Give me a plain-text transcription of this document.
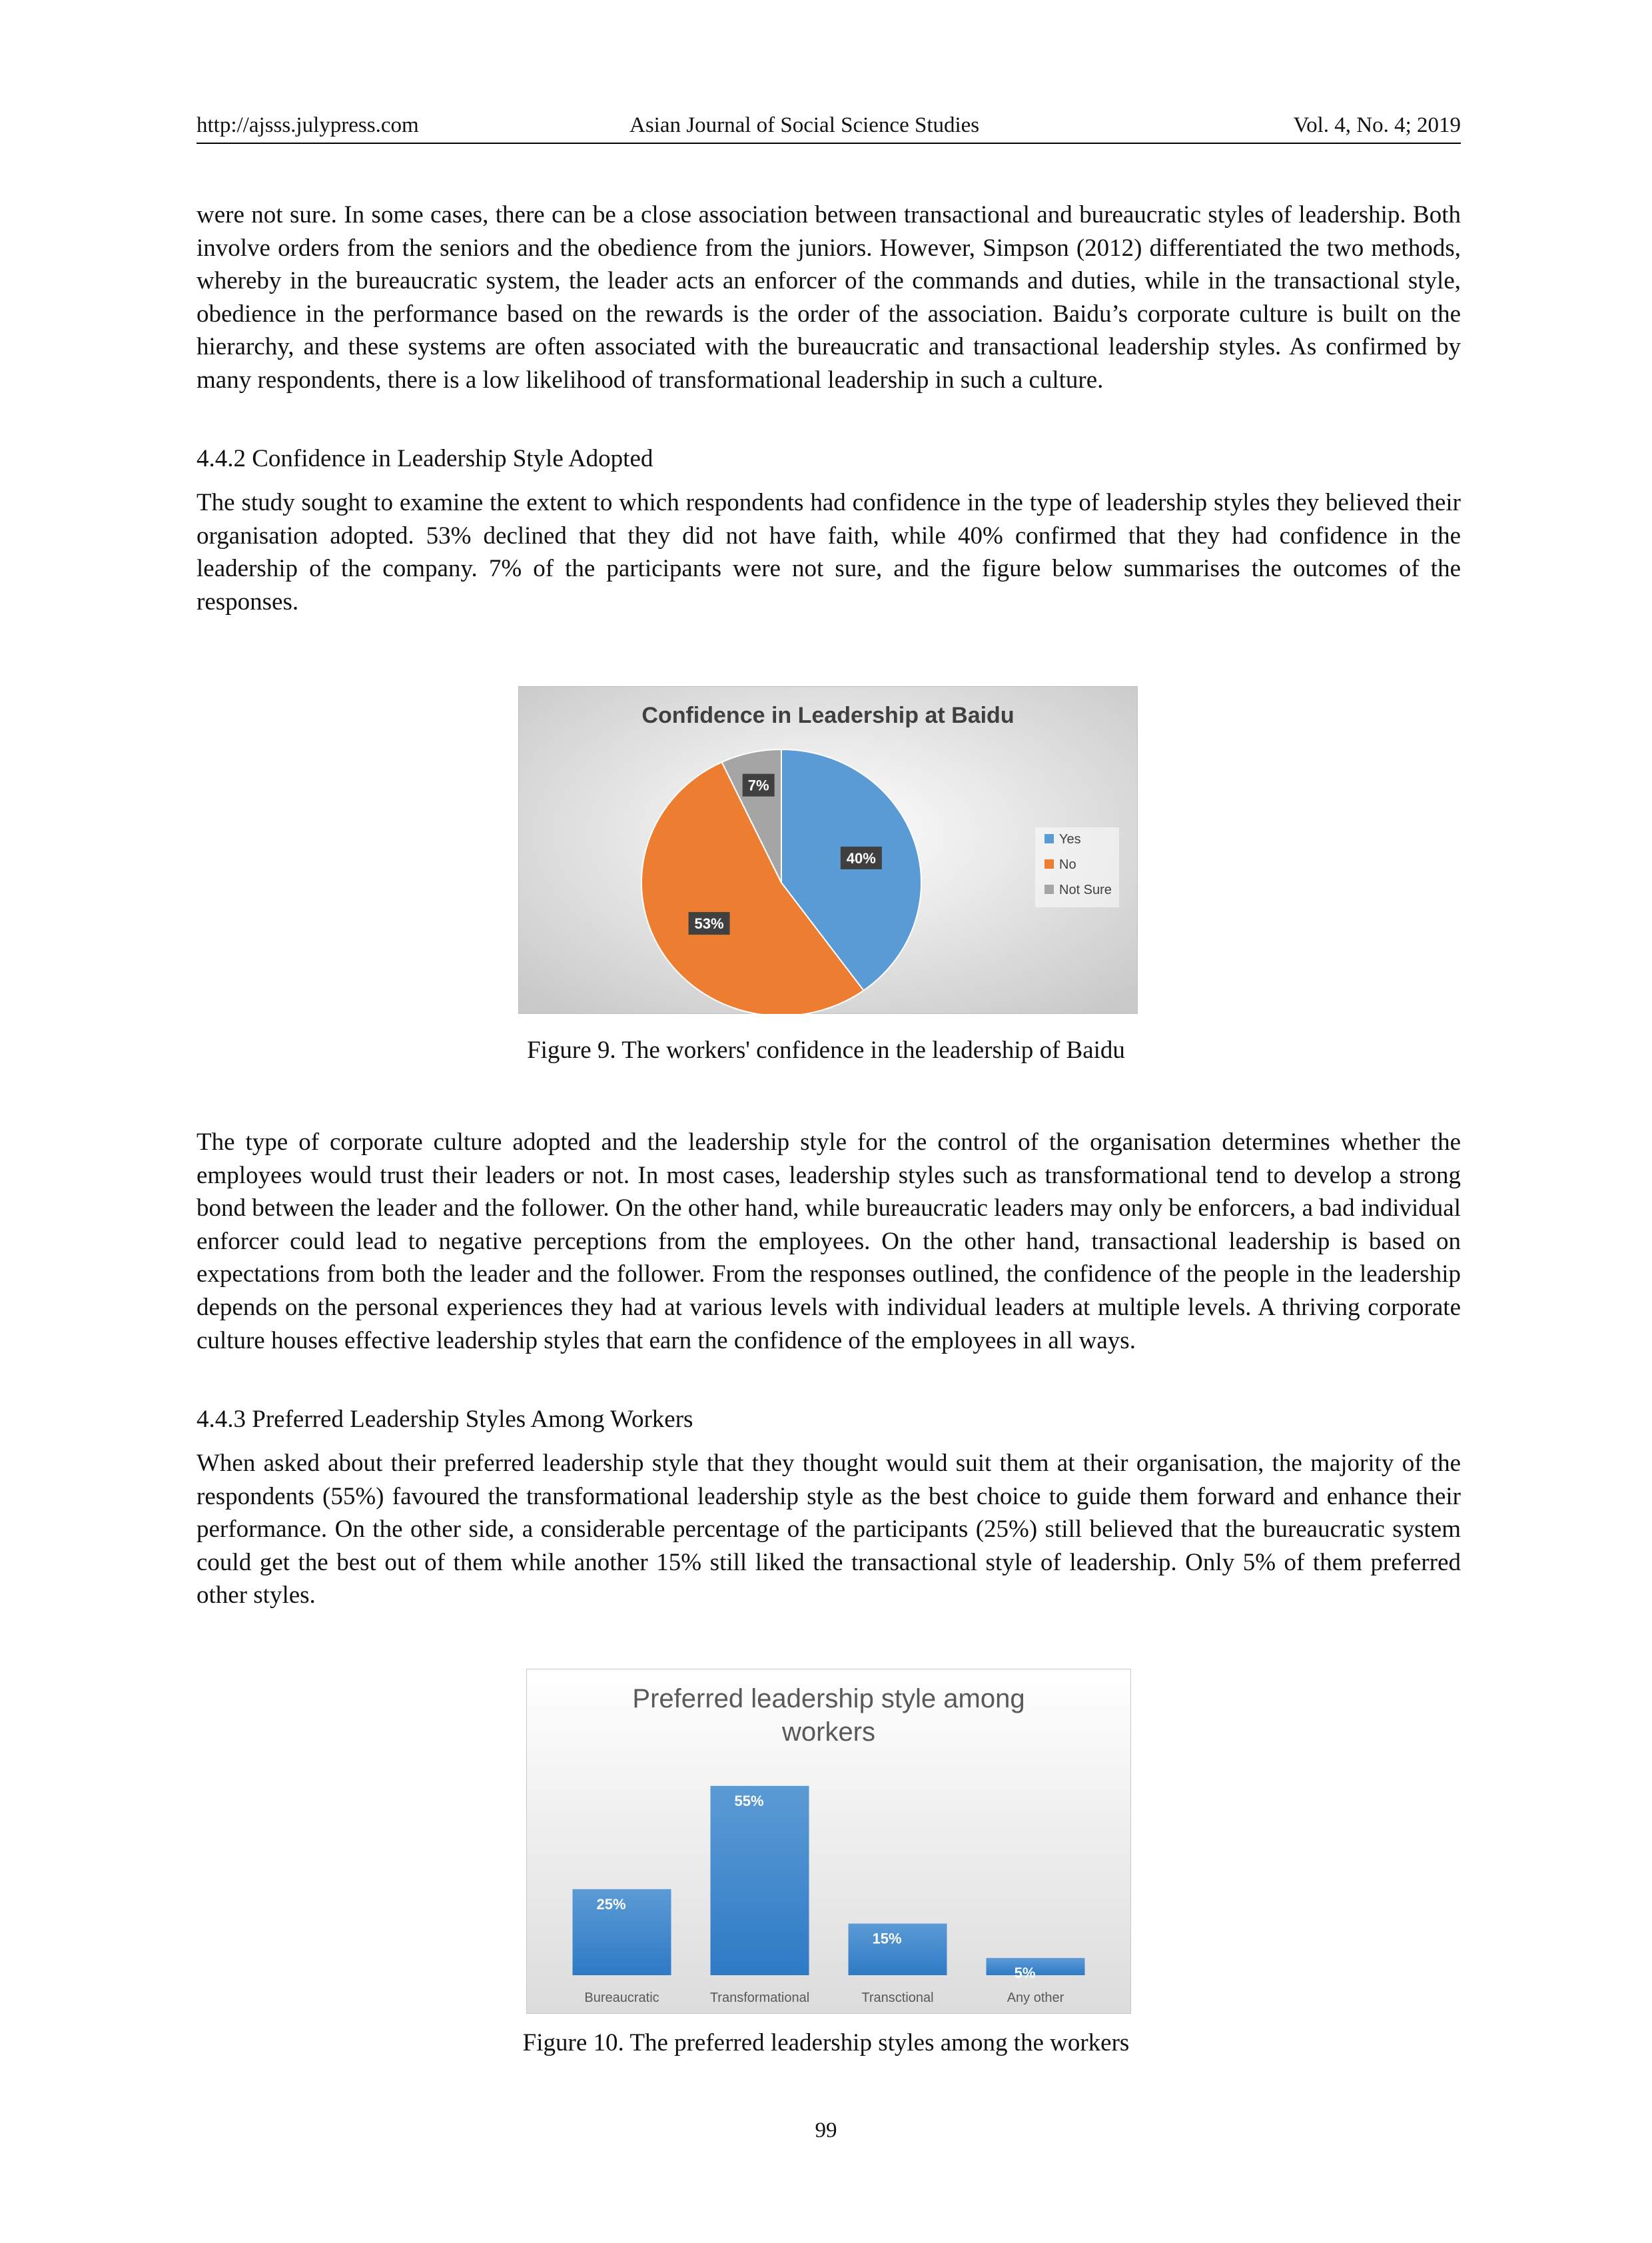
http://ajsss.julypress.com	Asian Journal of Social Science Studies	Vol. 4, No. 4; 2019

were not sure. In some cases, there can be a close association between transactional and bureaucratic styles of leadership. Both involve orders from the seniors and the obedience from the juniors. However, Simpson (2012) differentiated the two methods, whereby in the bureaucratic system, the leader acts an enforcer of the commands and duties, while in the transactional style, obedience in the performance based on the rewards is the order of the association. Baidu’s corporate culture is built on the hierarchy, and these systems are often associated with the bureaucratic and transactional leadership styles. As confirmed by many respondents, there is a low likelihood of transformational leadership in such a culture.

4.4.2 Confidence in Leadership Style Adopted

The study sought to examine the extent to which respondents had confidence in the type of leadership styles they believed their organisation adopted. 53% declined that they did not have faith, while 40% confirmed that they had confidence in the leadership of the company. 7% of the participants were not sure, and the figure below summarises the outcomes of the responses.

Confidence in Leadership at Baidu
40%
53%
7%
Yes
No
Not Sure

Figure 9. The workers' confidence in the leadership of Baidu

The type of corporate culture adopted and the leadership style for the control of the organisation determines whether the employees would trust their leaders or not. In most cases, leadership styles such as transformational tend to develop a strong bond between the leader and the follower. On the other hand, while bureaucratic leaders may only be enforcers, a bad individual enforcer could lead to negative perceptions from the employees. On the other hand, transactional leadership is based on expectations from both the leader and the follower. From the responses outlined, the confidence of the people in the leadership depends on the personal experiences they had at various levels with individual leaders at multiple levels. A thriving corporate culture houses effective leadership styles that earn the confidence of the employees in all ways.

4.4.3 Preferred Leadership Styles Among Workers

When asked about their preferred leadership style that they thought would suit them at their organisation, the majority of the respondents (55%) favoured the transformational leadership style as the best choice to guide them forward and enhance their performance. On the other side, a considerable percentage of the participants (25%) still believed that the bureaucratic system could get the best out of them while another 15% still liked the transactional style of leadership. Only 5% of them preferred other styles.

Preferred leadership style among
workers
25%
Bureaucratic
55%
Transformational
15%
Transctional
5%
Any other

Figure 10. The preferred leadership styles among the workers

99
